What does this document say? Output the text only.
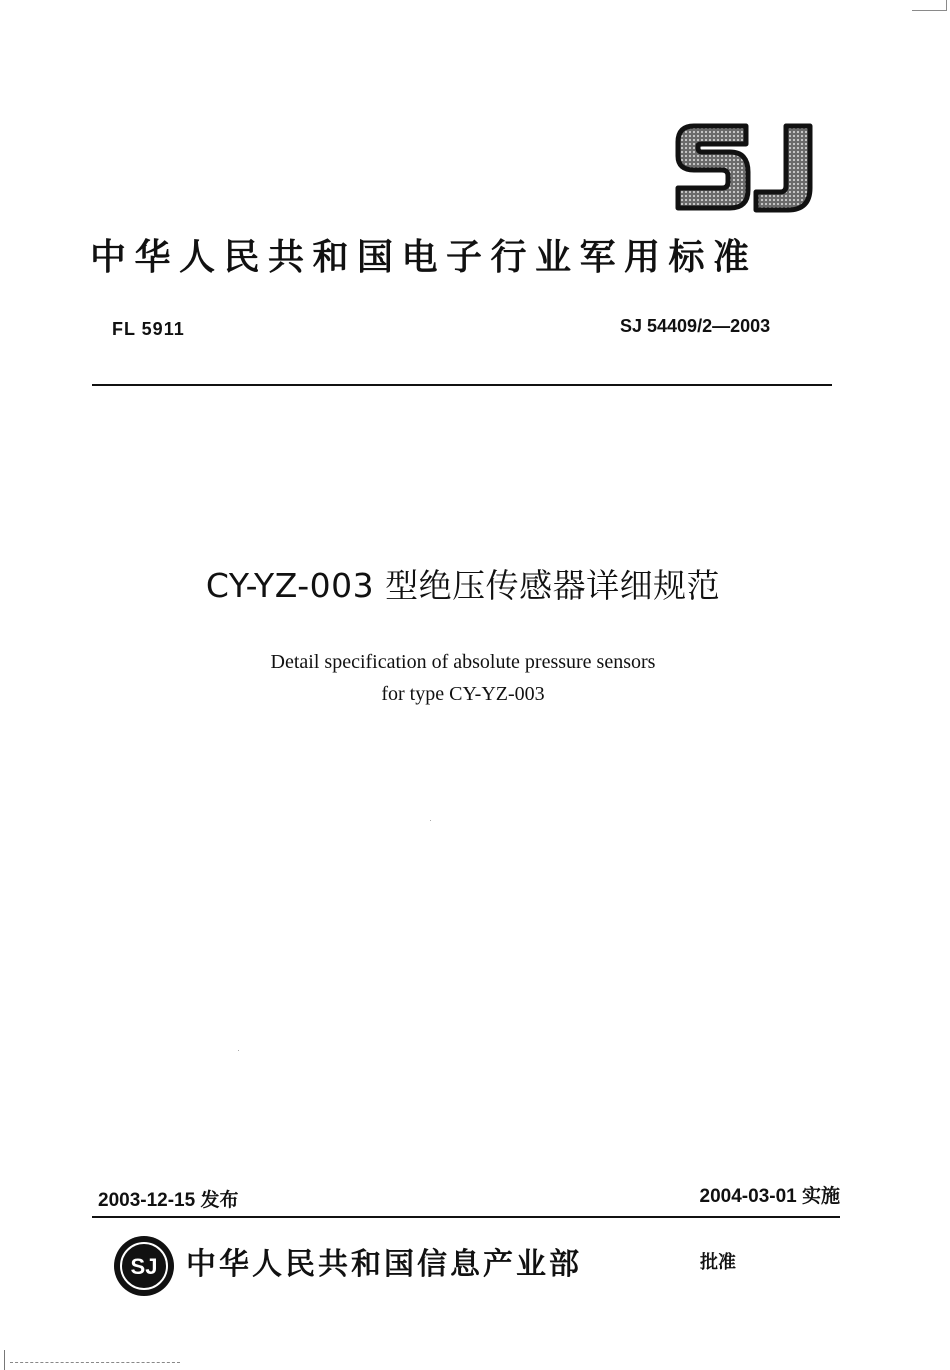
中华人民共和国电子行业军用标准
FL 5911	SJ 54409/2—2003
CY-YZ-003 型绝压传感器详细规范
Detail specification of absolute pressure sensors
for type CY-YZ-003
2003-12-15 发布	2004-03-01 实施
SJ 中华人民共和国信息产业部	批准
